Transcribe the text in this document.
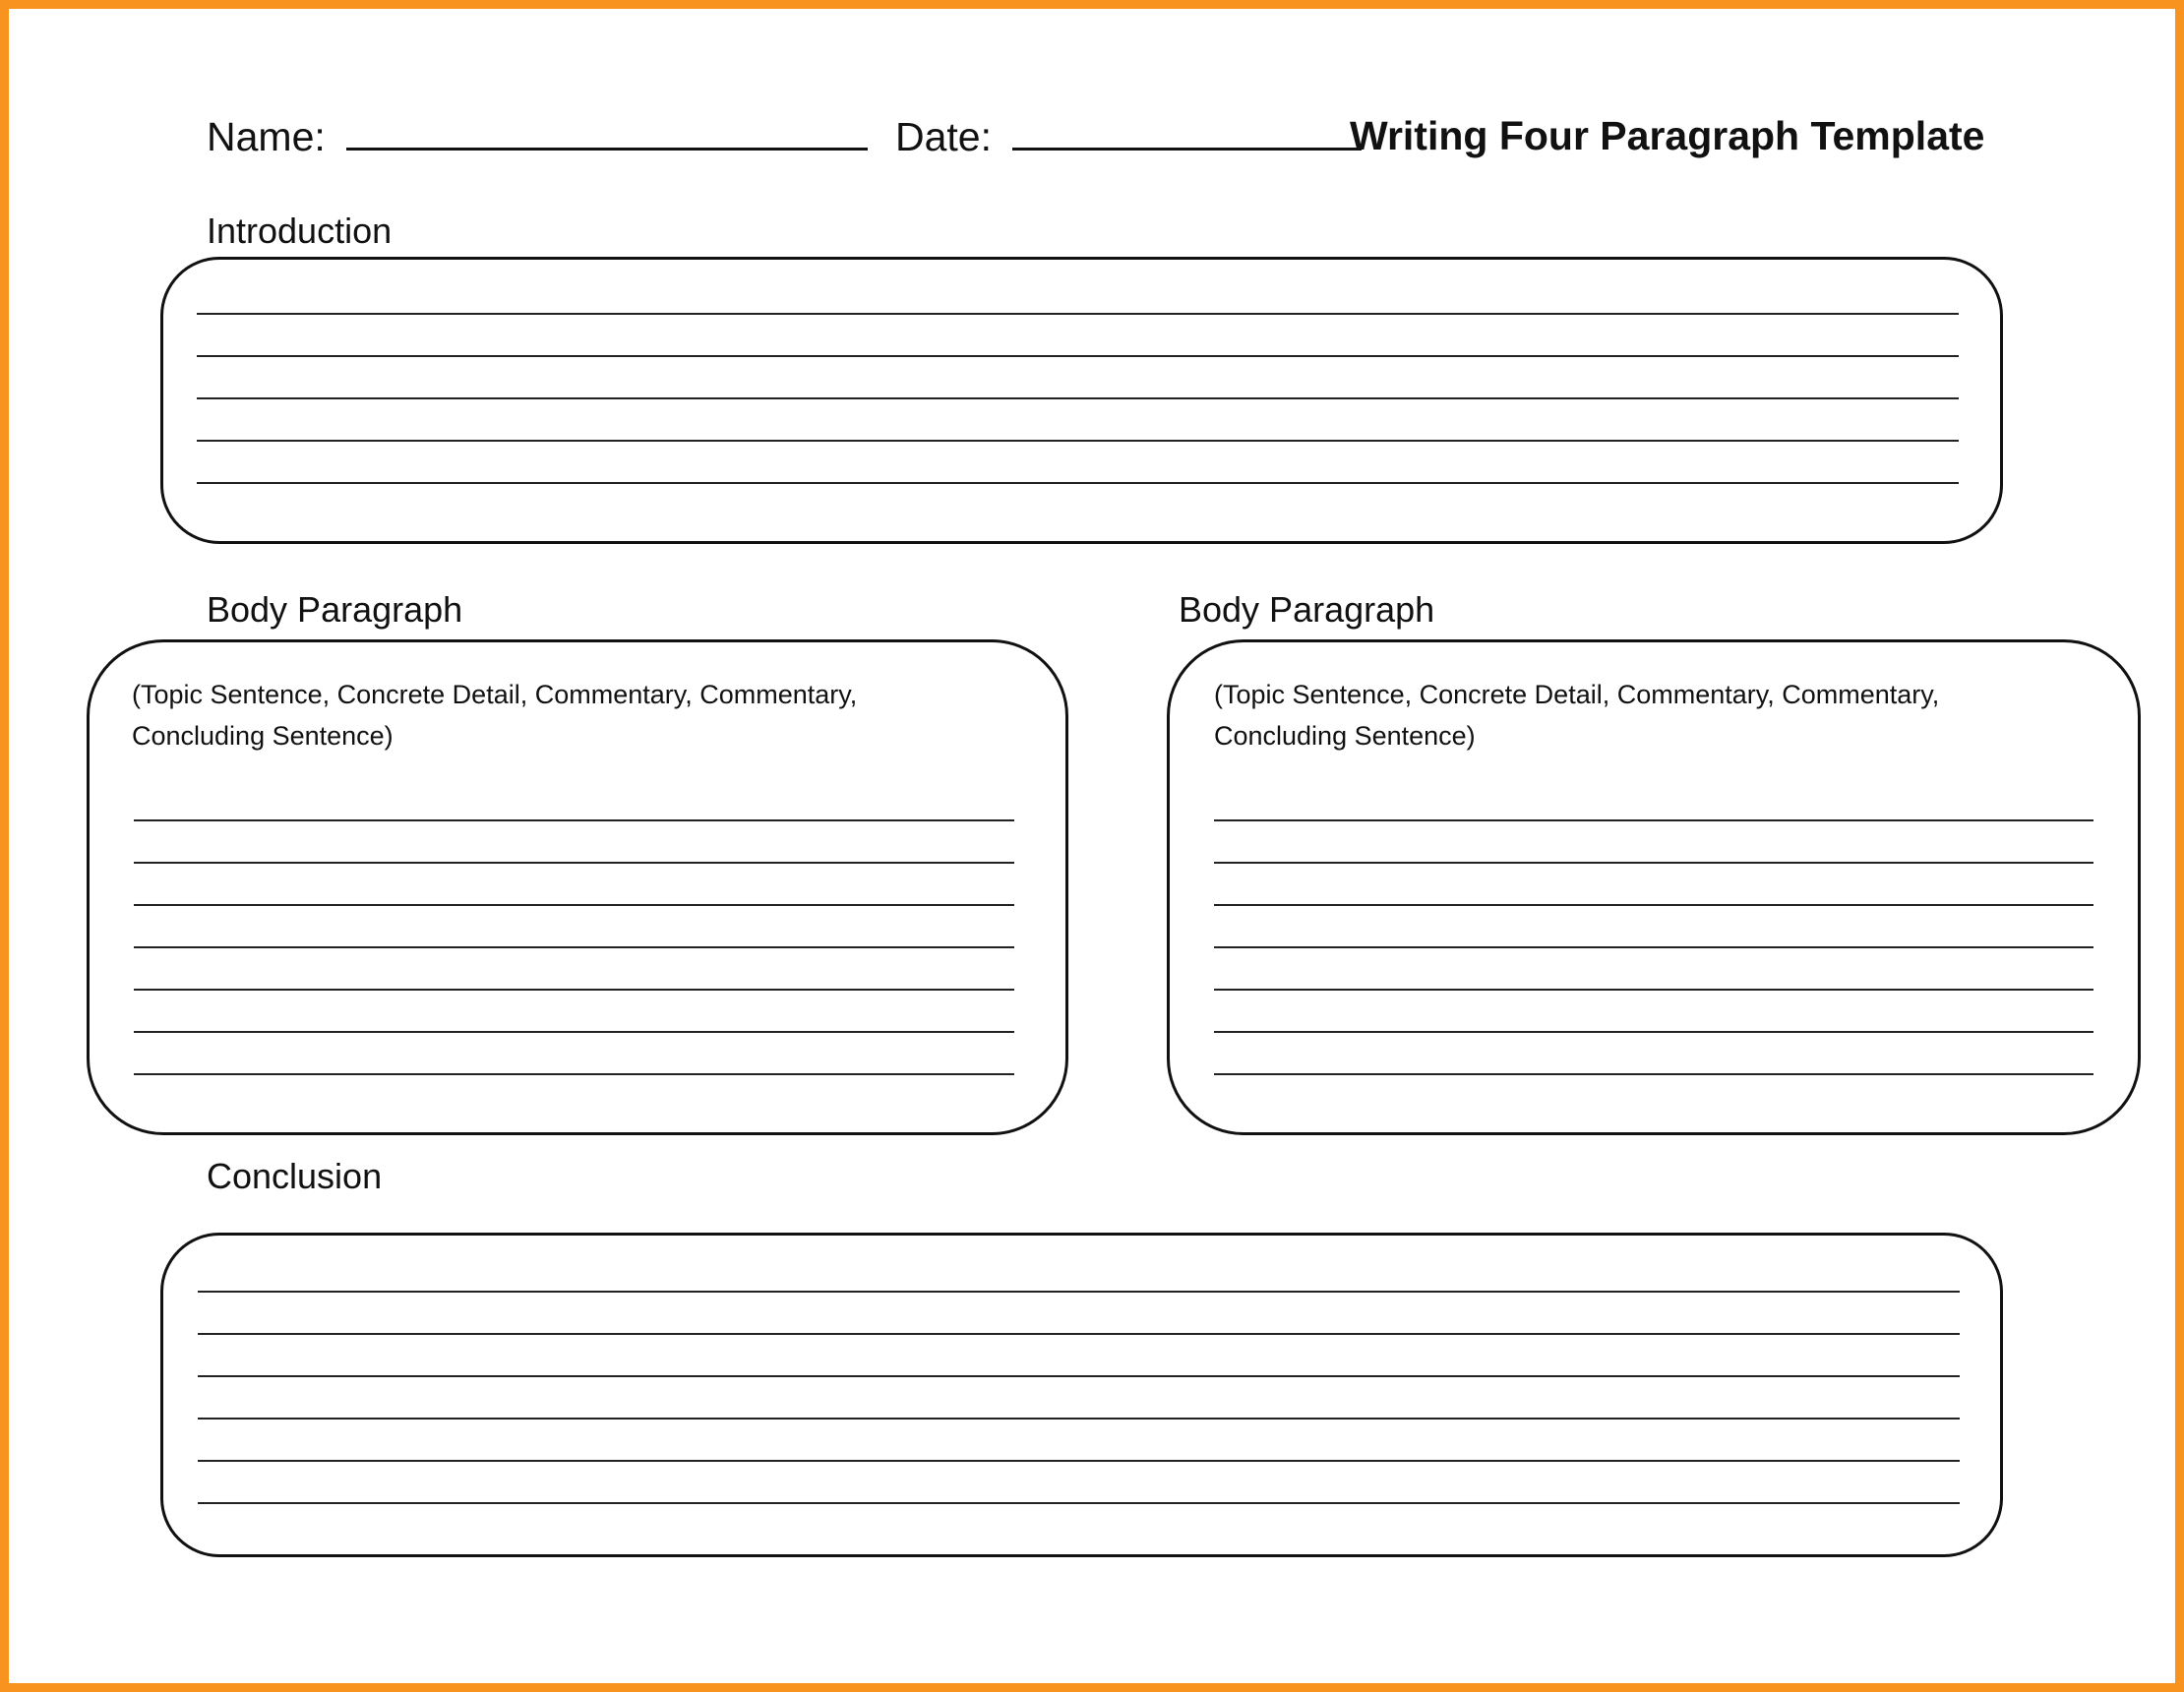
Name:	Date:	Writing Four Paragraph Template
Introduction
Body Paragraph
(Topic Sentence, Concrete Detail, Commentary, Commentary,
Concluding Sentence)
Body Paragraph
(Topic Sentence, Concrete Detail, Commentary, Commentary,
Concluding Sentence)
Conclusion
